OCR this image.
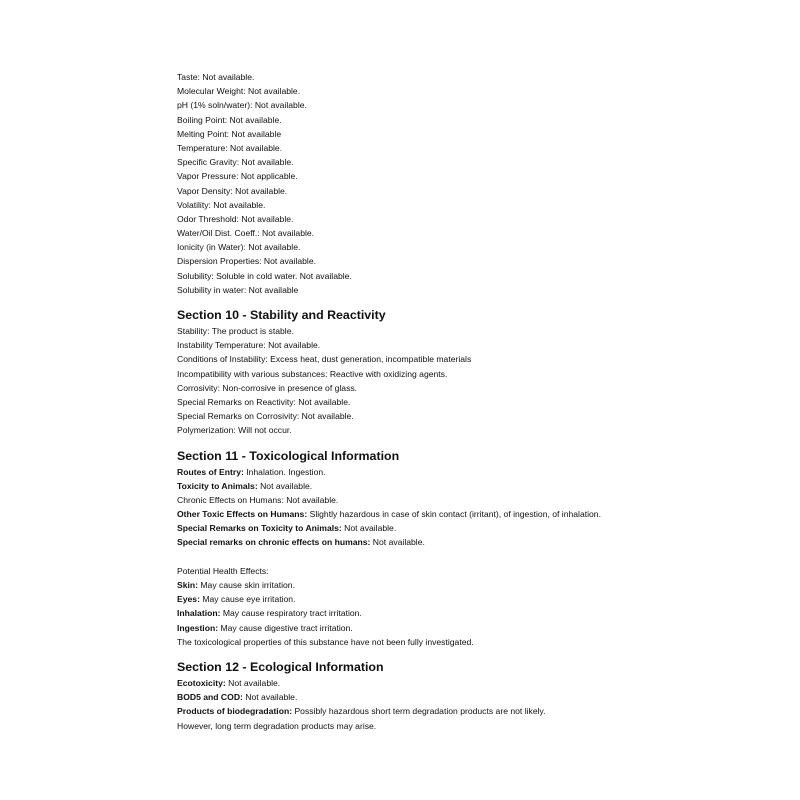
Taste: Not available.
Molecular Weight: Not available.
pH (1% soln/water): Not available.
Boiling Point: Not available.
Melting Point: Not available
Temperature: Not available.
Specific Gravity: Not available.
Vapor Pressure: Not applicable.
Vapor Density: Not available.
Volatility: Not available.
Odor Threshold: Not available.
Water/Oil Dist. Coeff.: Not available.
Ionicity (in Water): Not available.
Dispersion Properties: Not available.
Solubility: Soluble in cold water. Not available.
Solubility in water: Not available
Section 10 - Stability and Reactivity
Stability: The product is stable.
Instability Temperature: Not available.
Conditions of Instability: Excess heat, dust generation, incompatible materials
Incompatibility with various substances: Reactive with oxidizing agents.
Corrosivity: Non-corrosive in presence of glass.
Special Remarks on Reactivity: Not available.
Special Remarks on Corrosivity: Not available.
Polymerization: Will not occur.
Section 11 - Toxicological Information
Routes of Entry: Inhalation. Ingestion.
Toxicity to Animals: Not available.
Chronic Effects on Humans: Not available.
Other Toxic Effects on Humans: Slightly hazardous in case of skin contact (irritant), of ingestion, of inhalation.
Special Remarks on Toxicity to Animals: Not available.
Special remarks on chronic effects on humans: Not available.
Potential Health Effects:
Skin: May cause skin irritation.
Eyes: May cause eye irritation.
Inhalation: May cause respiratory tract irritation.
Ingestion: May cause digestive tract irritation.
The toxicological properties of this substance have not been fully investigated.
Section 12 - Ecological Information
Ecotoxicity: Not available.
BOD5 and COD: Not available.
Products of biodegradation: Possibly hazardous short term degradation products are not likely.
However, long term degradation products may arise.
